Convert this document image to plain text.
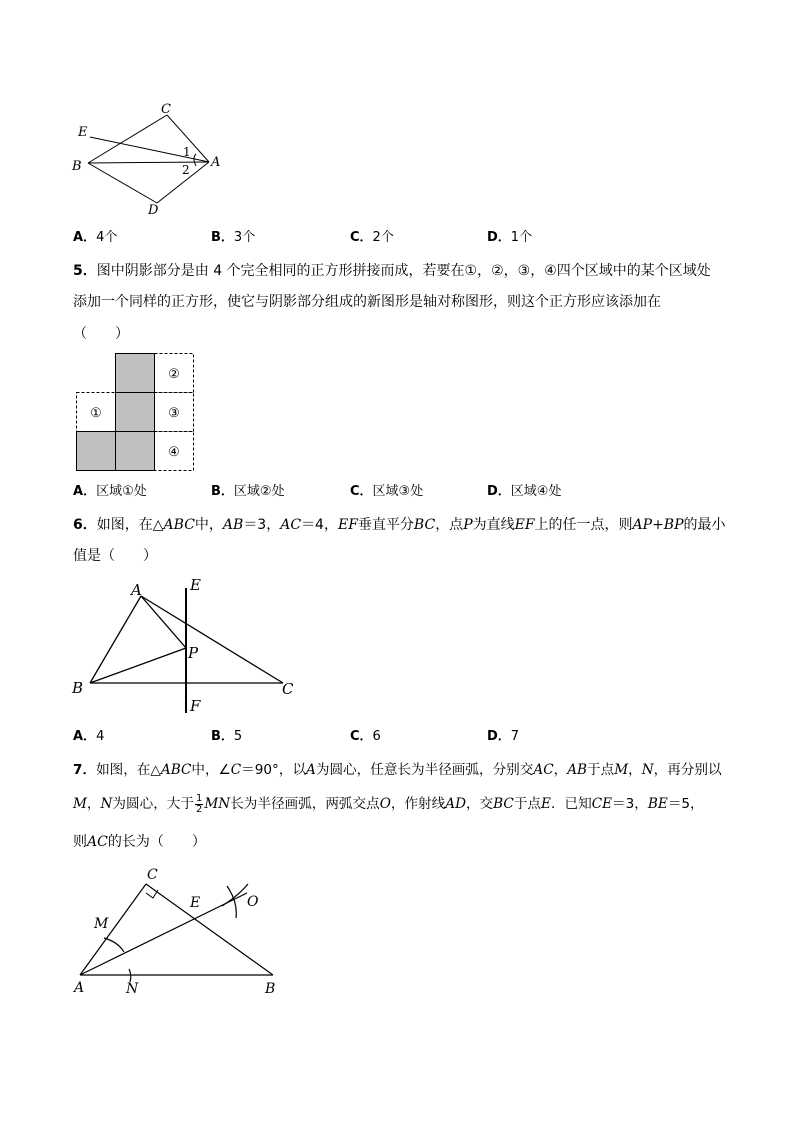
C
E
B	A
D
1
2
A．4个	B．3个	C．2个	D．1个
5．图中阴影部分是由 4 个完全相同的正方形拼接而成，若要在①，②，③，④四个区域中的某个区域处
添加一个同样的正方形，使它与阴影部分组成的新图形是轴对称图形，则这个正方形应该添加在
（　　）
①
②
③
④
A．区域①处	B．区域②处	C．区域③处	D．区域④处
6．如图，在△ABC中，AB＝3，AC＝4，EF垂直平分BC，点P为直线EF上的任一点，则AP+BP的最小
值是（　　）
A	E
P
B	C
F
A．4	B．5	C．6	D．7
7．如图，在△ABC中，∠C＝90°，以A为圆心，任意长为半径画弧，分别交AC，AB于点M，N，再分别以
M，N为圆心，大于 $\frac{1}{2}$ MN长为半径画弧，两弧交点O，作射线AD，交BC于点E．已知CE＝3，BE＝5，
则AC的长为（　　）
C
M
E	O
A	N	B
